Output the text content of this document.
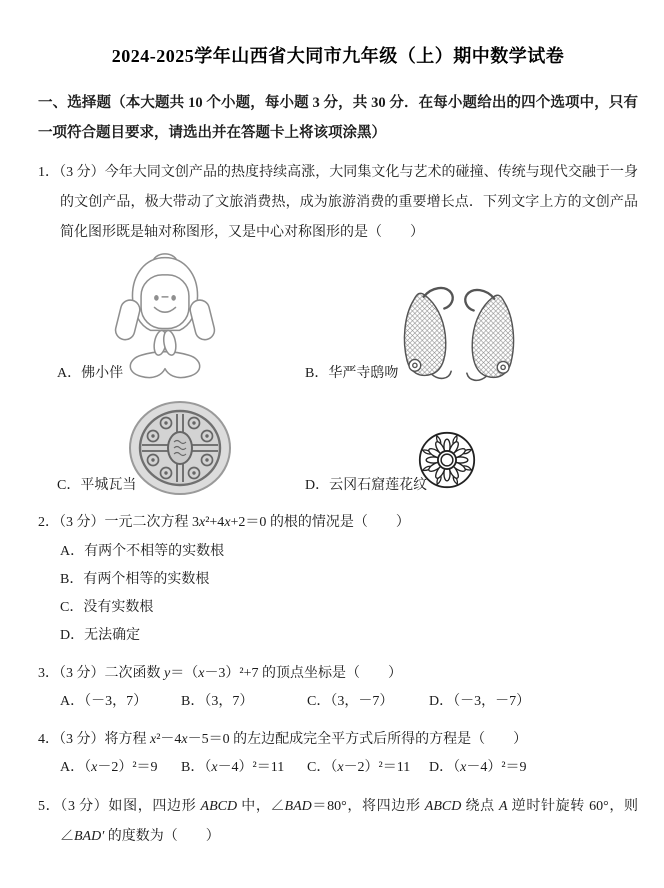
2024-2025学年山西省大同市九年级（上）期中数学试卷

一、选择题（本大题共 10 个小题，每小题 3 分，共 30 分．在每小题给出的四个选项中，只有一项符合题目要求，请选出并在答题卡上将该项涂黑）

1．（3 分）今年大同文创产品的热度持续高涨，大同集文化与艺术的碰撞、传统与现代交融于一身的文创产品，极大带动了文旅消费热，成为旅游消费的重要增长点．下列文字上方的文创产品简化图形既是轴对称图形，又是中心对称图形的是（　　）

A．佛小伴	B．华严寺鸱吻
C．平城瓦当	D．云冈石窟莲花纹

2．（3 分）一元二次方程 3x²+4x+2＝0 的根的情况是（　　）

A．有两个不相等的实数根

B．有两个相等的实数根

C．没有实数根

D．无法确定

3．（3 分）二次函数 y＝（x－3）²+7 的顶点坐标是（　　）

A．（－3，7）	B．（3，7）	C．（3，－7）	D．（－3，－7）

4．（3 分）将方程 x²－4x－5＝0 的左边配成完全平方式后所得的方程是（　　）

A．（x－2）²＝9	B．（x－4）²＝11	C．（x－2）²＝11	D．（x－4）²＝9

5．（3 分）如图，四边形 ABCD 中，∠BAD＝80°，将四边形 ABCD 绕点 A 逆时针旋转 60°，则∠BAD′ 的度数为（　　）
